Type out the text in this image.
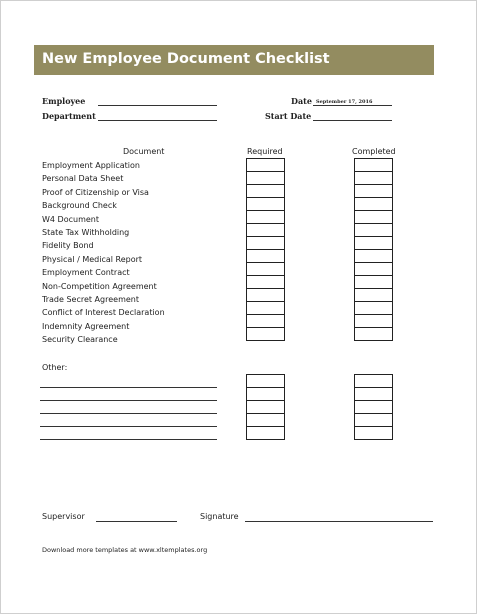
New Employee Document Checklist
Employee
Department
Date September 17, 2016
Start Date
Document	Required	Completed
Employment Application
Personal Data Sheet
Proof of Citizenship or Visa
Background Check
W4 Document
State Tax Withholding
Fidelity Bond
Physical / Medical Report
Employment Contract
Non-Competition Agreement
Trade Secret Agreement
Conflict of Interest Declaration
Indemnity Agreement
Security Clearance

Other:

Supervisor	Signature
Download more templates at www.xltemplates.org
